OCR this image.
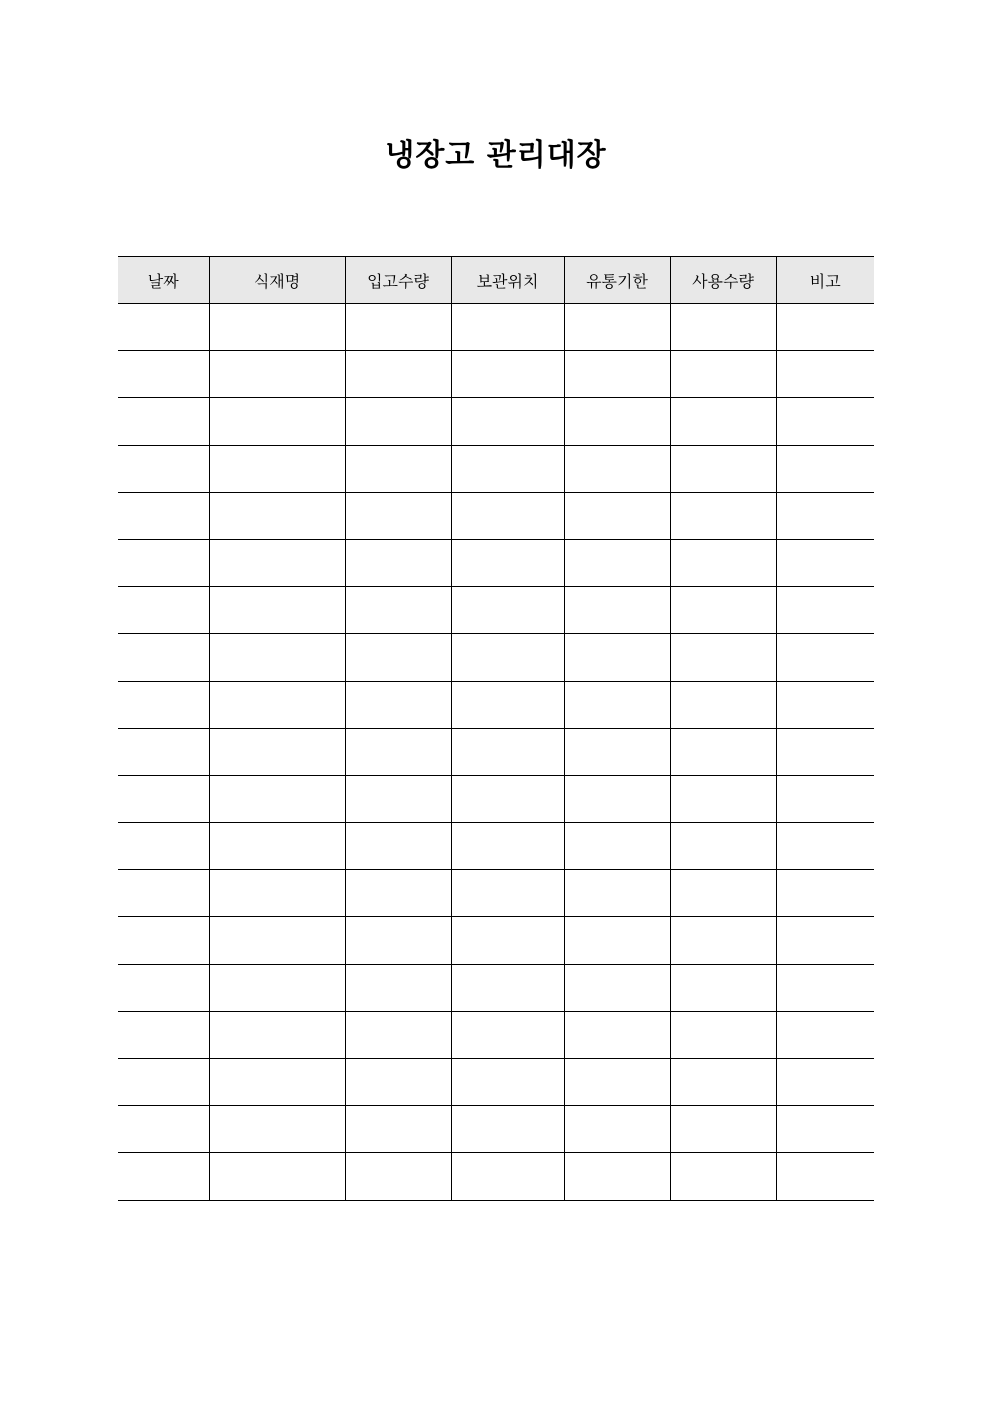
냉장고 관리대장
날짜	식재명	입고수량	보관위치	유통기한	사용수량	비고
